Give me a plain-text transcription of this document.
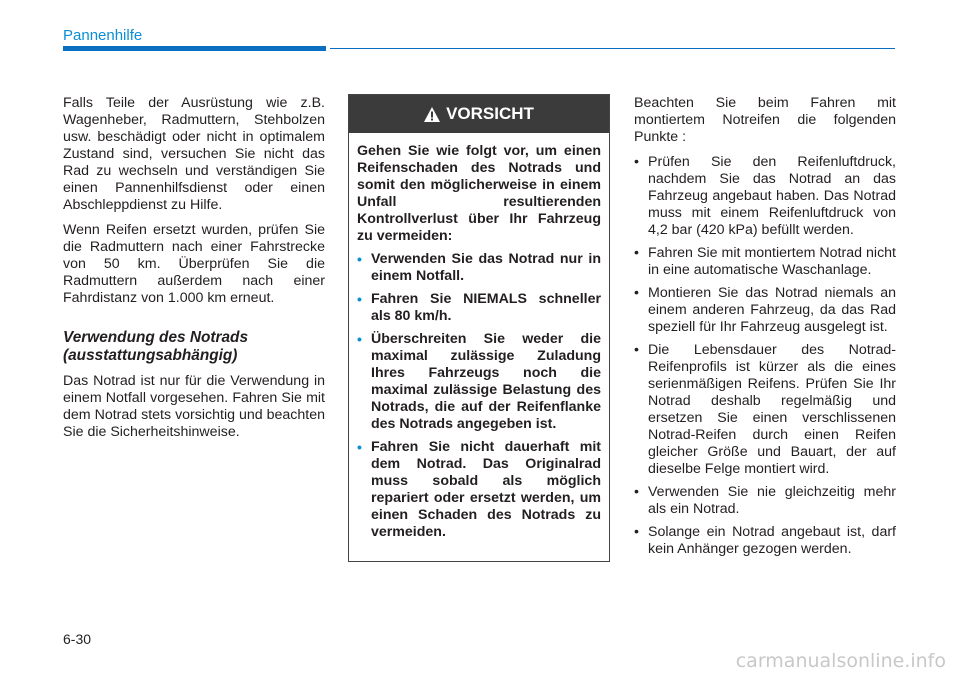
Pannenhilfe

Falls Teile der Ausrüstung wie z.B. Wagenheber, Radmuttern, Stehbolzen usw. beschädigt oder nicht in optimalem Zustand sind, versuchen Sie nicht das Rad zu wechseln und verständigen Sie einen Pannenhilfsdienst oder einen Abschleppdienst zu Hilfe.

Wenn Reifen ersetzt wurden, prüfen Sie die Radmuttern nach einer Fahrstrecke von 50 km. Überprüfen Sie die Radmuttern außerdem nach einer Fahrdistanz von 1.000 km erneut.

Verwendung des Notrads (ausstattungsabhängig)

Das Notrad ist nur für die Verwendung in einem Notfall vorgesehen. Fahren Sie mit dem Notrad stets vorsichtig und beachten Sie die Sicherheitshinweise.

VORSICHT

Gehen Sie wie folgt vor, um einen Reifenschaden des Notrads und somit den möglicherweise in einem Unfall resultierenden Kontrollverlust über Ihr Fahrzeug zu vermeiden:

• Verwenden Sie das Notrad nur in einem Notfall.
• Fahren Sie NIEMALS schneller als 80 km/h.
• Überschreiten Sie weder die maximal zulässige Zuladung Ihres Fahrzeugs noch die maximal zulässige Belastung des Notrads, die auf der Reifenflanke des Notrads angegeben ist.
• Fahren Sie nicht dauerhaft mit dem Notrad. Das Originalrad muss sobald als möglich repariert oder ersetzt werden, um einen Schaden des Notrads zu vermeiden.

Beachten Sie beim Fahren mit montiertem Notreifen die folgenden Punkte :

• Prüfen Sie den Reifenluftdruck, nachdem Sie das Notrad an das Fahrzeug angebaut haben. Das Notrad muss mit einem Reifenluftdruck von 4,2 bar (420 kPa) befüllt werden.
• Fahren Sie mit montiertem Notrad nicht in eine automatische Waschanlage.
• Montieren Sie das Notrad niemals an einem anderen Fahrzeug, da das Rad speziell für Ihr Fahrzeug ausgelegt ist.
• Die Lebensdauer des Notrad-Reifenprofils ist kürzer als die eines serienmäßigen Reifens. Prüfen Sie Ihr Notrad deshalb regelmäßig und ersetzen Sie einen verschlissenen Notrad-Reifen durch einen Reifen gleicher Größe und Bauart, der auf dieselbe Felge montiert wird.
• Verwenden Sie nie gleichzeitig mehr als ein Notrad.
• Solange ein Notrad angebaut ist, darf kein Anhänger gezogen werden.
6-30
carmanualsonline.info
